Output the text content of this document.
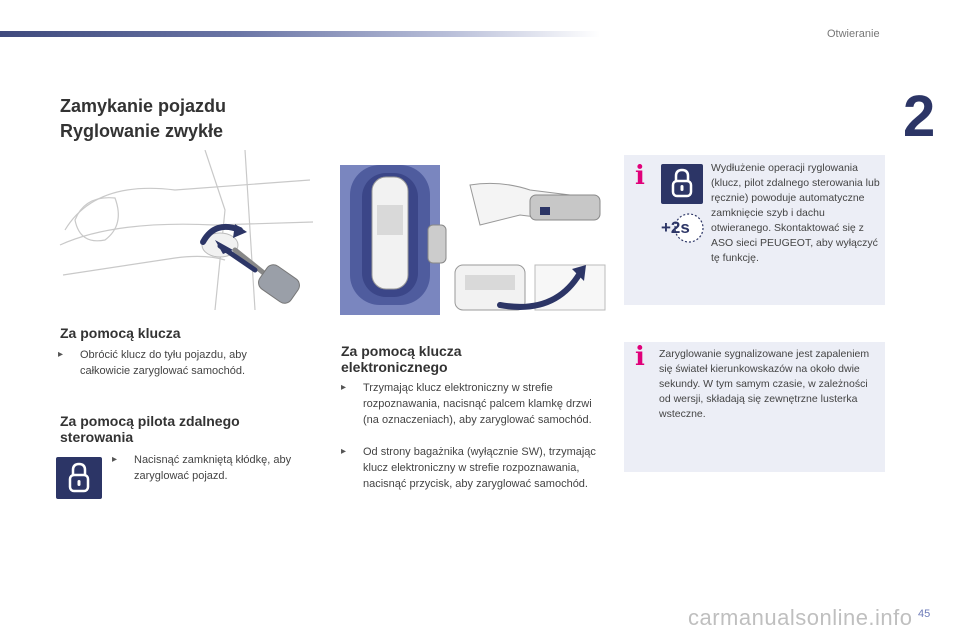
Otwieranie
2
Zamykanie pojazdu
Ryglowanie zwykłe
Za pomocą klucza
▸ Obrócić klucz do tyłu pojazdu, aby całkowicie zaryglować samochód.
Za pomocą pilota zdalnego
sterowania
▸ Nacisnąć zamkniętą kłódkę, aby zaryglować pojazd.
Za pomocą klucza
elektronicznego
▸ Trzymając klucz elektroniczny w strefie rozpoznawania, nacisnąć palcem klamkę drzwi (na oznaczeniach), aby zaryglować samochód.
▸ Od strony bagażnika (wyłącznie SW), trzymając klucz elektroniczny w strefie rozpoznawania, nacisnąć przycisk, aby zaryglować samochód.
i
+2s
Wydłużenie operacji ryglowania (klucz, pilot zdalnego sterowania lub ręcznie) powoduje automatyczne zamknięcie szyb i dachu otwieranego. Skontaktować się z ASO sieci PEUGEOT, aby wyłączyć tę funkcję.
i Zaryglowanie sygnalizowane jest zapaleniem się świateł kierunkowskazów na około dwie sekundy. W tym samym czasie, w zależności od wersji, składają się zewnętrzne lusterka wsteczne.
carmanualsonline.info 45
